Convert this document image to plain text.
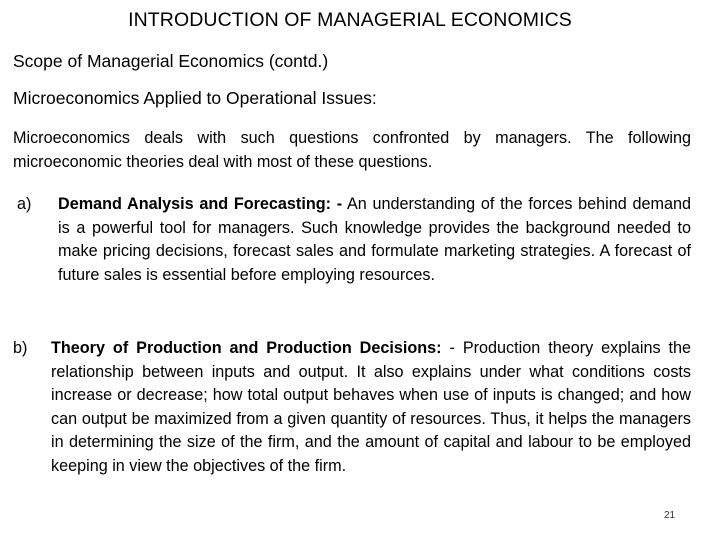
INTRODUCTION OF MANAGERIAL ECONOMICS
Scope of Managerial Economics (contd.)
Microeconomics Applied to Operational Issues:
Microeconomics deals with such questions confronted by managers. The following microeconomic theories deal with most of these questions.
a) Demand Analysis and Forecasting: - An understanding of the forces behind demand is a powerful tool for managers. Such knowledge provides the background needed to make pricing decisions, forecast sales and formulate marketing strategies. A forecast of future sales is essential before employing resources.
b) Theory of Production and Production Decisions: - Production theory explains the relationship between inputs and output. It also explains under what conditions costs increase or decrease; how total output behaves when use of inputs is changed; and how can output be maximized from a given quantity of resources. Thus, it helps the managers in determining the size of the firm, and the amount of capital and labour to be employed keeping in view the objectives of the firm.
21
